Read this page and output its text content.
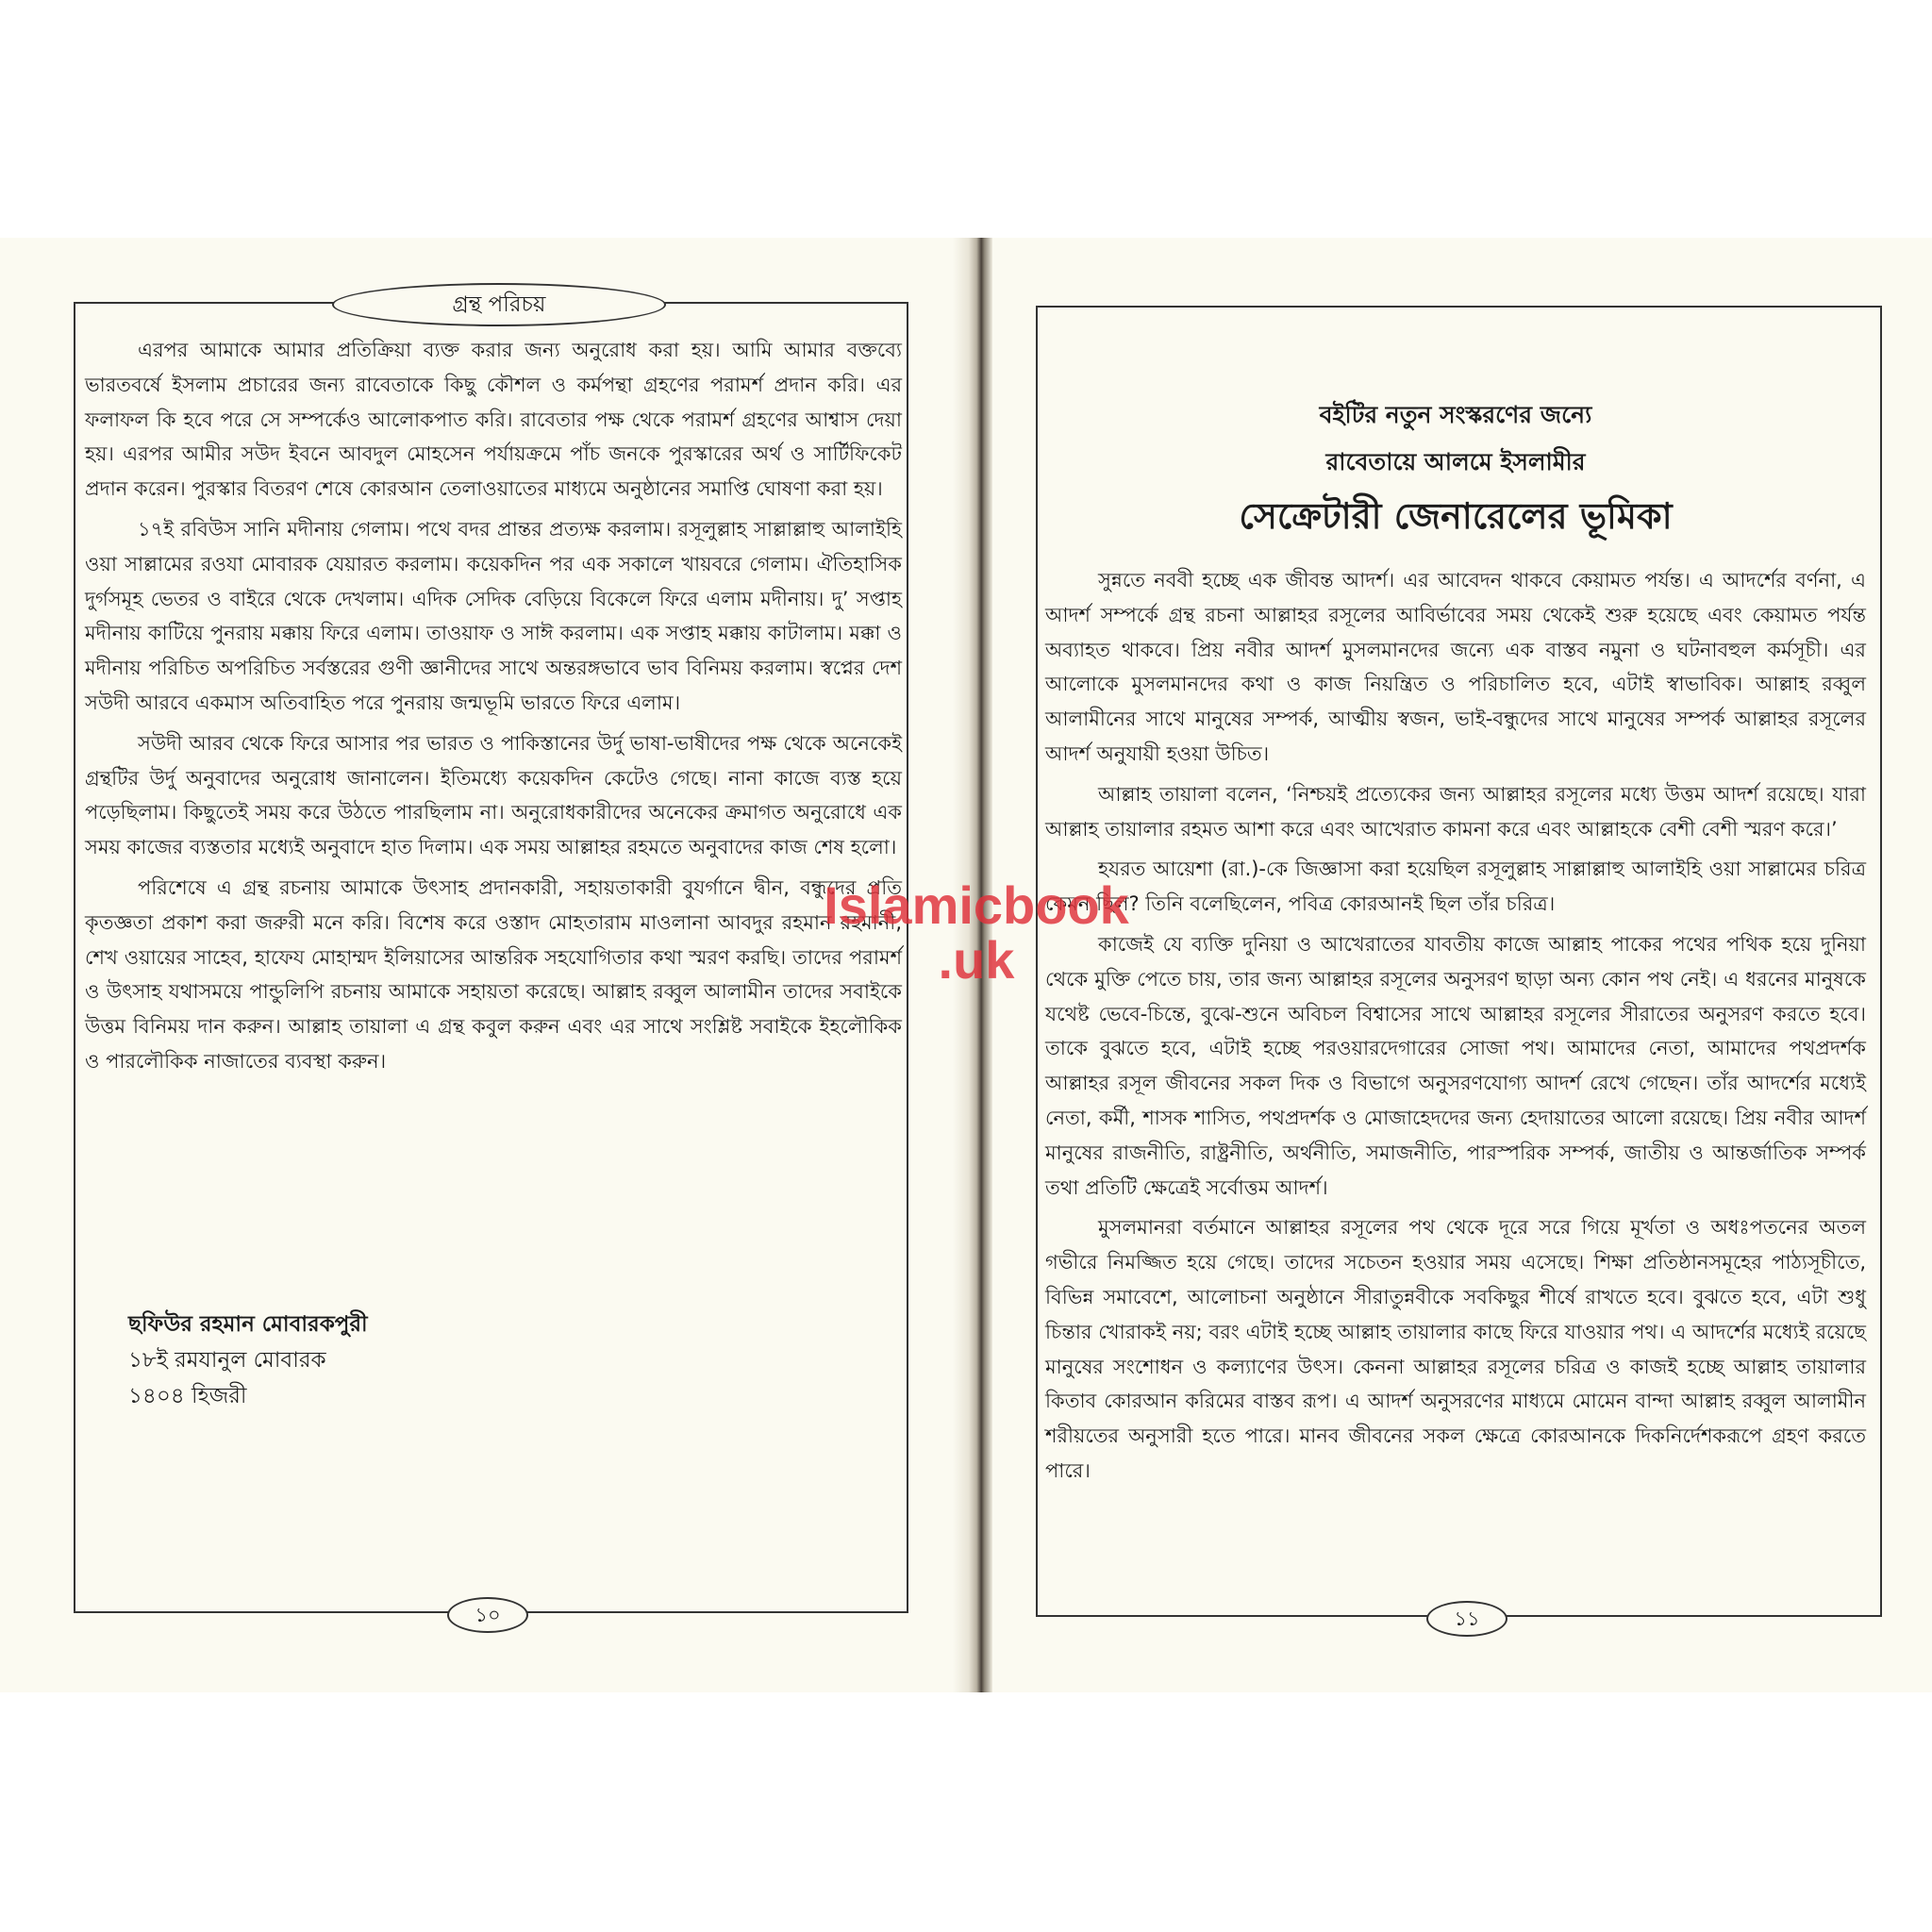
গ্রন্থ পরিচয়

এরপর আমাকে আমার প্রতিক্রিয়া ব্যক্ত করার জন্য অনুরোধ করা হয়। আমি আমার বক্তব্যে ভারতবর্ষে ইসলাম প্রচারের জন্য রাবেতাকে কিছু কৌশল ও কর্মপন্থা গ্রহণের পরামর্শ প্রদান করি। এর ফলাফল কি হবে পরে সে সম্পর্কেও আলোকপাত করি। রাবেতার পক্ষ থেকে পরামর্শ গ্রহণের আশ্বাস দেয়া হয়। এরপর আমীর সউদ ইবনে আবদুল মোহসেন পর্যায়ক্রমে পাঁচ জনকে পুরস্কারের অর্থ ও সার্টিফিকেট প্রদান করেন। পুরস্কার বিতরণ শেষে কোরআন তেলাওয়াতের মাধ্যমে অনুষ্ঠানের সমাপ্তি ঘোষণা করা হয়।

১৭ই রবিউস সানি মদীনায় গেলাম। পথে বদর প্রান্তর প্রত্যক্ষ করলাম। রসূলুল্লাহ সাল্লাল্লাহু আলাইহি ওয়া সাল্লামের রওযা মোবারক যেয়ারত করলাম। কয়েকদিন পর এক সকালে খায়বরে গেলাম। ঐতিহাসিক দুর্গসমূহ ভেতর ও বাইরে থেকে দেখলাম। এদিক সেদিক বেড়িয়ে বিকেলে ফিরে এলাম মদীনায়। দু’ সপ্তাহ মদীনায় কাটিয়ে পুনরায় মক্কায় ফিরে এলাম। তাওয়াফ ও সাঈ করলাম। এক সপ্তাহ মক্কায় কাটালাম। মক্কা ও মদীনায় পরিচিত অপরিচিত সর্বস্তরের গুণী জ্ঞানীদের সাথে অন্তরঙ্গভাবে ভাব বিনিময় করলাম। স্বপ্নের দেশ সউদী আরবে একমাস অতিবাহিত পরে পুনরায় জন্মভূমি ভারতে ফিরে এলাম।

সউদী আরব থেকে ফিরে আসার পর ভারত ও পাকিস্তানের উর্দু ভাষা-ভাষীদের পক্ষ থেকে অনেকেই গ্রন্থটির উর্দু অনুবাদের অনুরোধ জানালেন। ইতিমধ্যে কয়েকদিন কেটেও গেছে। নানা কাজে ব্যস্ত হয়ে পড়েছিলাম। কিছুতেই সময় করে উঠতে পারছিলাম না। অনুরোধকারীদের অনেকের ক্রমাগত অনুরোধে এক সময় কাজের ব্যস্ততার মধ্যেই অনুবাদে হাত দিলাম। এক সময় আল্লাহর রহমতে অনুবাদের কাজ শেষ হলো।

পরিশেষে এ গ্রন্থ রচনায় আমাকে উৎসাহ প্রদানকারী, সহায়তাকারী বুযর্গানে দ্বীন, বন্ধুদের প্রতি কৃতজ্ঞতা প্রকাশ করা জরুরী মনে করি। বিশেষ করে ওস্তাদ মোহতারাম মাওলানা আবদুর রহমান রহমানী, শেখ ওয়ায়ের সাহেব, হাফেয মোহাম্মদ ইলিয়াসের আন্তরিক সহযোগিতার কথা স্মরণ করছি। তাদের পরামর্শ ও উৎসাহ যথাসময়ে পান্ডুলিপি রচনায় আমাকে সহায়তা করেছে। আল্লাহ রব্বুল আলামীন তাদের সবাইকে উত্তম বিনিময় দান করুন। আল্লাহ তায়ালা এ গ্রন্থ কবুল করুন এবং এর সাথে সংশ্লিষ্ট সবাইকে ইহলৌকিক ও পারলৌকিক নাজাতের ব্যবস্থা করুন।

ছফিউর রহমান মোবারকপুরী
১৮ই রমযানুল মোবারক
১৪০৪ হিজরী
১০
বইটির নতুন সংস্করণের জন্যে
রাবেতায়ে আলমে ইসলামীর
সেক্রেটারী জেনারেলের ভূমিকা

সুন্নতে নববী হচ্ছে এক জীবন্ত আদর্শ। এর আবেদন থাকবে কেয়ামত পর্যন্ত। এ আদর্শের বর্ণনা, এ আদর্শ সম্পর্কে গ্রন্থ রচনা আল্লাহর রসূলের আবির্ভাবের সময় থেকেই শুরু হয়েছে এবং কেয়ামত পর্যন্ত অব্যাহত থাকবে। প্রিয় নবীর আদর্শ মুসলমানদের জন্যে এক বাস্তব নমুনা ও ঘটনাবহুল কর্মসূচী। এর আলোকে মুসলমানদের কথা ও কাজ নিয়ন্ত্রিত ও পরিচালিত হবে, এটাই স্বাভাবিক। আল্লাহ রব্বুল আলামীনের সাথে মানুষের সম্পর্ক, আত্মীয় স্বজন, ভাই-বন্ধুদের সাথে মানুষের সম্পর্ক আল্লাহর রসূলের আদর্শ অনুযায়ী হওয়া উচিত।

আল্লাহ তায়ালা বলেন, ‘নিশ্চয়ই প্রত্যেকের জন্য আল্লাহর রসূলের মধ্যে উত্তম আদর্শ রয়েছে। যারা আল্লাহ তায়ালার রহমত আশা করে এবং আখেরাত কামনা করে এবং আল্লাহকে বেশী বেশী স্মরণ করে।’

হযরত আয়েশা (রা.)-কে জিজ্ঞাসা করা হয়েছিল রসূলুল্লাহ সাল্লাল্লাহু আলাইহি ওয়া সাল্লামের চরিত্র কেমন ছিল? তিনি বলেছিলেন, পবিত্র কোরআনই ছিল তাঁর চরিত্র।

কাজেই যে ব্যক্তি দুনিয়া ও আখেরাতের যাবতীয় কাজে আল্লাহ পাকের পথের পথিক হয়ে দুনিয়া থেকে মুক্তি পেতে চায়, তার জন্য আল্লাহর রসূলের অনুসরণ ছাড়া অন্য কোন পথ নেই। এ ধরনের মানুষকে যথেষ্ট ভেবে-চিন্তে, বুঝে-শুনে অবিচল বিশ্বাসের সাথে আল্লাহর রসূলের সীরাতের অনুসরণ করতে হবে। তাকে বুঝতে হবে, এটাই হচ্ছে পরওয়ারদেগারের সোজা পথ। আমাদের নেতা, আমাদের পথপ্রদর্শক আল্লাহর রসূল জীবনের সকল দিক ও বিভাগে অনুসরণযোগ্য আদর্শ রেখে গেছেন। তাঁর আদর্শের মধ্যেই নেতা, কর্মী, শাসক শাসিত, পথপ্রদর্শক ও মোজাহেদদের জন্য হেদায়াতের আলো রয়েছে। প্রিয় নবীর আদর্শ মানুষের রাজনীতি, রাষ্ট্রনীতি, অর্থনীতি, সমাজনীতি, পারস্পরিক সম্পর্ক, জাতীয় ও আন্তর্জাতিক সম্পর্ক তথা প্রতিটি ক্ষেত্রেই সর্বোত্তম আদর্শ।

মুসলমানরা বর্তমানে আল্লাহর রসূলের পথ থেকে দূরে সরে গিয়ে মূর্খতা ও অধঃপতনের অতল গভীরে নিমজ্জিত হয়ে গেছে। তাদের সচেতন হওয়ার সময় এসেছে। শিক্ষা প্রতিষ্ঠানসমূহের পাঠ্যসূচীতে, বিভিন্ন সমাবেশে, আলোচনা অনুষ্ঠানে সীরাতুন্নবীকে সবকিছুর শীর্ষে রাখতে হবে। বুঝতে হবে, এটা শুধু চিন্তার খোরাকই নয়; বরং এটাই হচ্ছে আল্লাহ তায়ালার কাছে ফিরে যাওয়ার পথ। এ আদর্শের মধ্যেই রয়েছে মানুষের সংশোধন ও কল্যাণের উৎস। কেননা আল্লাহর রসূলের চরিত্র ও কাজই হচ্ছে আল্লাহ তায়ালার কিতাব কোরআন করিমের বাস্তব রূপ। এ আদর্শ অনুসরণের মাধ্যমে মোমেন বান্দা আল্লাহ রব্বুল আলামীন শরীয়তের অনুসারী হতে পারে। মানব জীবনের সকল ক্ষেত্রে কোরআনকে দিকনির্দেশকরূপে গ্রহণ করতে পারে।

১১
Islamicbook
.uk
